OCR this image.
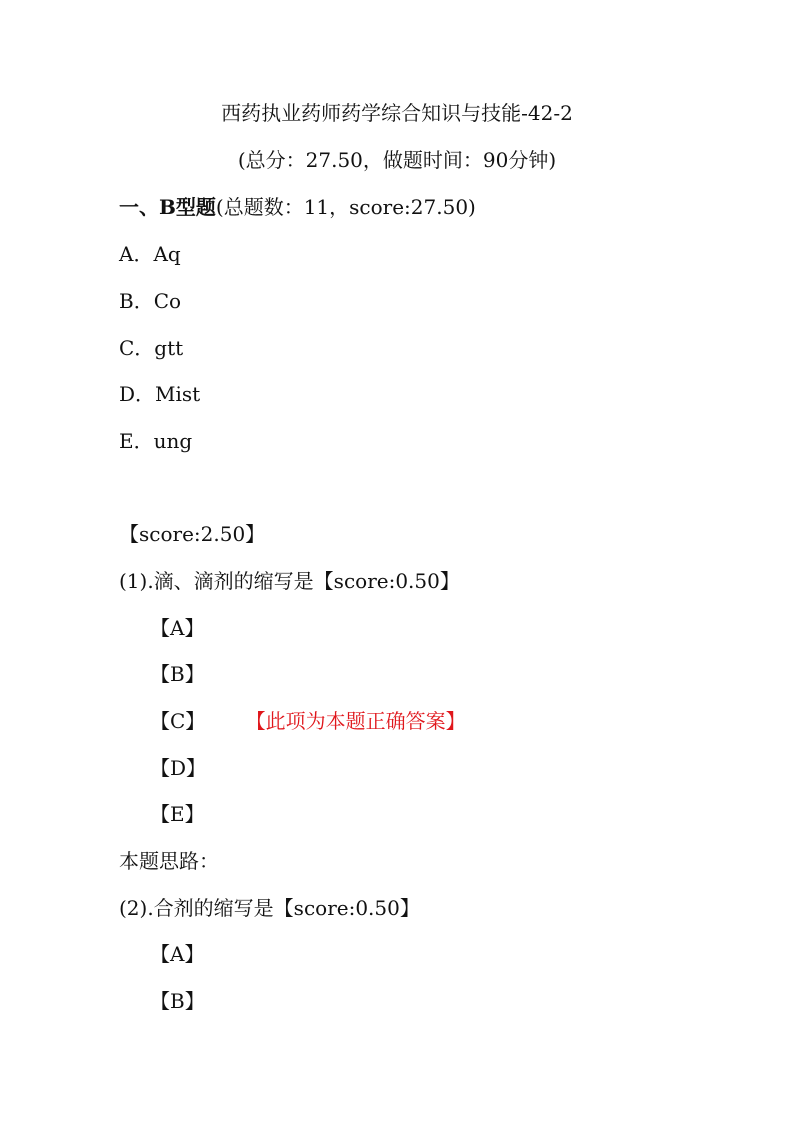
西药执业药师药学综合知识与技能-42-2
(总分：27.50，做题时间：90分钟)
一、B型题(总题数：11，score:27.50)
A．Aq
B．Co
C．gtt
D．Mist
E．ung
【score:2.50】
(1).滴、滴剂的缩写是【score:0.50】
【A】
【B】
【C】 【此项为本题正确答案】
【D】
【E】
本题思路：
(2).合剂的缩写是【score:0.50】
【A】
【B】
